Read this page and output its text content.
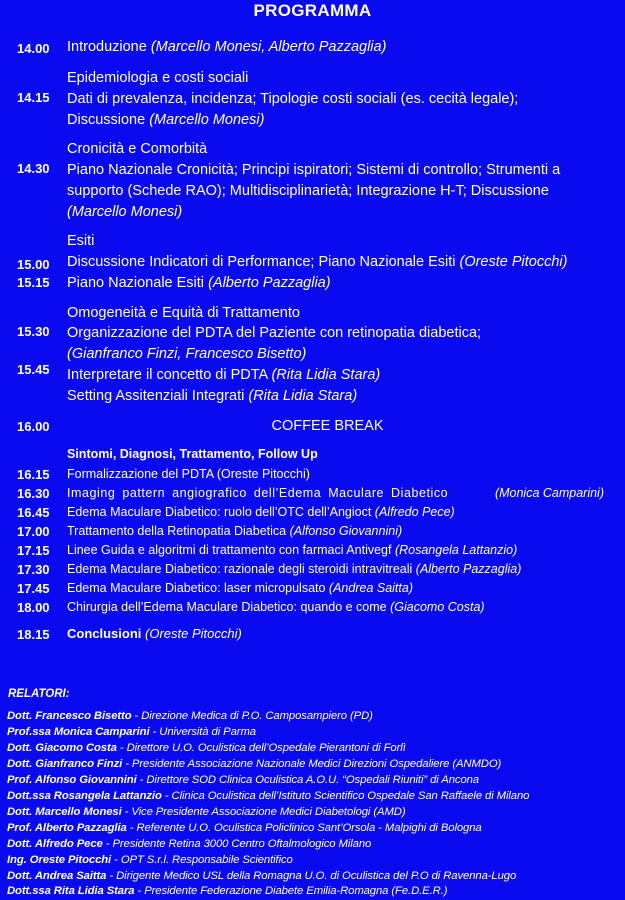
PROGRAMMA
14.00 Introduzione (Marcello Monesi, Alberto Pazzaglia)
Epidemiologia e costi sociali
14.15 Dati di prevalenza, incidenza; Tipologie costi sociali (es. cecità legale);
Discussione (Marcello Monesi)
Cronicità e Comorbità
14.30 Piano Nazionale Cronicità; Principi ispiratori; Sistemi di controllo; Strumenti a
supporto (Schede RAO); Multidisciplinarietà; Integrazione H-T; Discussione
(Marcello Monesi)
Esiti
15.00 Discussione Indicatori di Performance; Piano Nazionale Esiti (Oreste Pitocchi)
15.15 Piano Nazionale Esiti (Alberto Pazzaglia)
Omogeneità e Equità di Trattamento
15.30 Organizzazione del PDTA del Paziente con retinopatia diabetica;
(Gianfranco Finzi, Francesco Bisetto)
15.45 Interpretare il concetto di PDTA (Rita Lidia Stara)
Setting Assitenziali Integrati (Rita Lidia Stara)
16.00	COFFEE BREAK
Sintomi, Diagnosi, Trattamento, Follow Up
16.15 Formalizzazione del PDTA (Oreste Pitocchi)
16.30 Imaging pattern angiografico dell’Edema Maculare Diabetico	(Monica Camparini)
16.45 Edema Maculare Diabetico: ruolo dell’OTC dell’Angioct (Alfredo Pece)
17.00 Trattamento della Retinopatia Diabetica (Alfonso Giovannini)
17.15 Linee Guida e algoritmi di trattamento con farmaci Antivegf (Rosangela Lattanzio)
17.30 Edema Maculare Diabetico: razionale degli steroidi intravitreali (Alberto Pazzaglia)
17.45 Edema Maculare Diabetico: laser micropulsato (Andrea Saitta)
18.00 Chirurgia dell’Edema Maculare Diabetico: quando e come (Giacomo Costa)
18.15 Conclusioni (Oreste Pitocchi)
RELATORI:
Dott. Francesco Bisetto - Direzione Medica di P.O. Camposampiero (PD)
Prof.ssa Monica Camparini - Università di Parma
Dott. Giacomo Costa - Direttore U.O. Oculistica dell’Ospedale Pierantoni di Forlì
Dott. Gianfranco Finzi - Presidente Associazione Nazionale Medici Direzioni Ospedaliere (ANMDO)
Prof. Alfonso Giovannini - Direttore SOD Clinica Oculistica A.O.U. “Ospedali Riuniti” di Ancona
Dott.ssa Rosangela Lattanzio - Clinica Oculistica dell’Istituto Scientifico Ospedale San Raffaele di Milano
Dott. Marcello Monesi - Vice Presidente Associazione Medici Diabetologi (AMD)
Prof. Alberto Pazzaglia - Referente U.O. Oculistica Policlinico Sant’Orsola - Malpighi di Bologna
Dott. Alfredo Pece - Presidente Retina 3000 Centro Oftalmologico Milano
Ing. Oreste Pitocchi - OPT S.r.l. Responsabile Scientifico
Dott. Andrea Saitta - Dirigente Medico USL della Romagna U.O. di Oculistica del P.O di Ravenna-Lugo
Dott.ssa Rita Lidia Stara - Presidente Federazione Diabete Emilia-Romagna (Fe.D.E.R.)
